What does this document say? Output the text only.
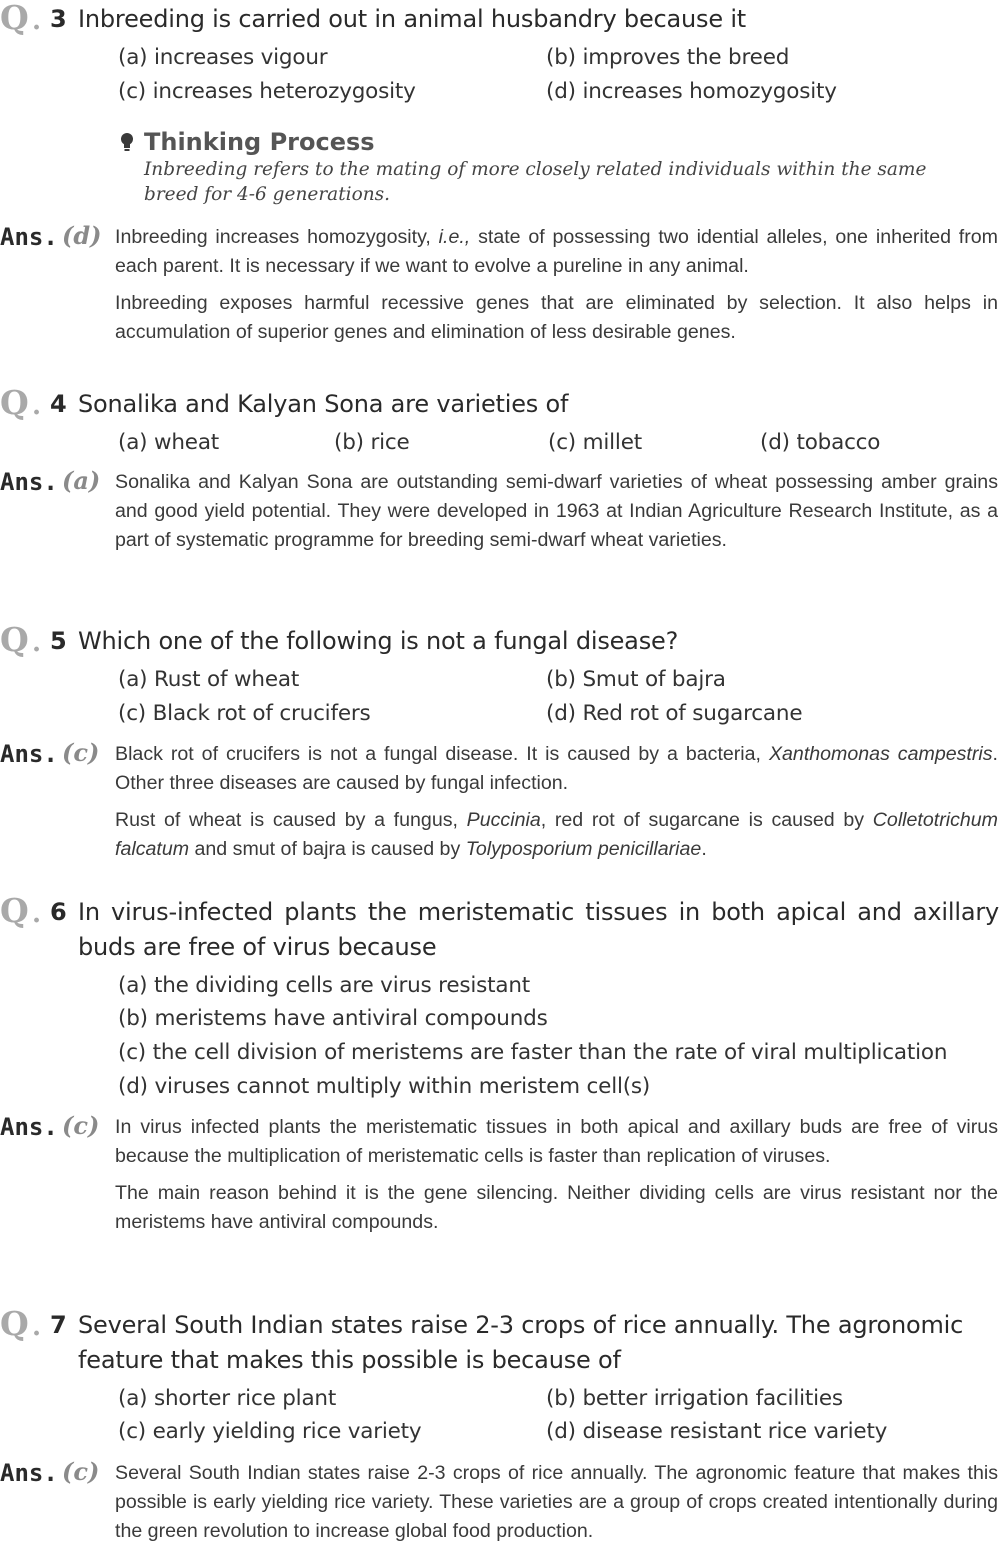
Q . 3 Inbreeding is carried out in animal husbandry because it
(a) increases vigour	(b) improves the breed
(c) increases heterozygosity	(d) increases homozygosity
Thinking Process
Inbreeding refers to the mating of more closely related individuals within the same breed for 4-6 generations.
Ans. (d) Inbreeding increases homozygosity, i.e., state of possessing two idential alleles, one inherited from each parent. It is necessary if we want to evolve a pureline in any animal.
Inbreeding exposes harmful recessive genes that are eliminated by selection. It also helps in accumulation of superior genes and elimination of less desirable genes.
Q . 4 Sonalika and Kalyan Sona are varieties of
(a) wheat	(b) rice	(c) millet	(d) tobacco
Ans. (a) Sonalika and Kalyan Sona are outstanding semi-dwarf varieties of wheat possessing amber grains and good yield potential. They were developed in 1963 at Indian Agriculture Research Institute, as a part of systematic programme for breeding semi-dwarf wheat varieties.
Q . 5 Which one of the following is not a fungal disease?
(a) Rust of wheat	(b) Smut of bajra
(c) Black rot of crucifers	(d) Red rot of sugarcane
Ans. (c) Black rot of crucifers is not a fungal disease. It is caused by a bacteria, Xanthomonas campestris. Other three diseases are caused by fungal infection.
Rust of wheat is caused by a fungus, Puccinia, red rot of sugarcane is caused by Colletotrichum falcatum and smut of bajra is caused by Tolyposporium penicillariae.
Q . 6 In virus-infected plants the meristematic tissues in both apical and axillary buds are free of virus because
(a) the dividing cells are virus resistant
(b) meristems have antiviral compounds
(c) the cell division of meristems are faster than the rate of viral multiplication
(d) viruses cannot multiply within meristem cell(s)
Ans. (c) In virus infected plants the meristematic tissues in both apical and axillary buds are free of virus because the multiplication of meristematic cells is faster than replication of viruses.
The main reason behind it is the gene silencing. Neither dividing cells are virus resistant nor the meristems have antiviral compounds.
Q . 7 Several South Indian states raise 2-3 crops of rice annually. The agronomic feature that makes this possible is because of
(a) shorter rice plant	(b) better irrigation facilities
(c) early yielding rice variety	(d) disease resistant rice variety
Ans. (c) Several South Indian states raise 2-3 crops of rice annually. The agronomic feature that makes this possible is early yielding rice variety. These varieties are a group of crops created intentionally during the green revolution to increase global food production.
